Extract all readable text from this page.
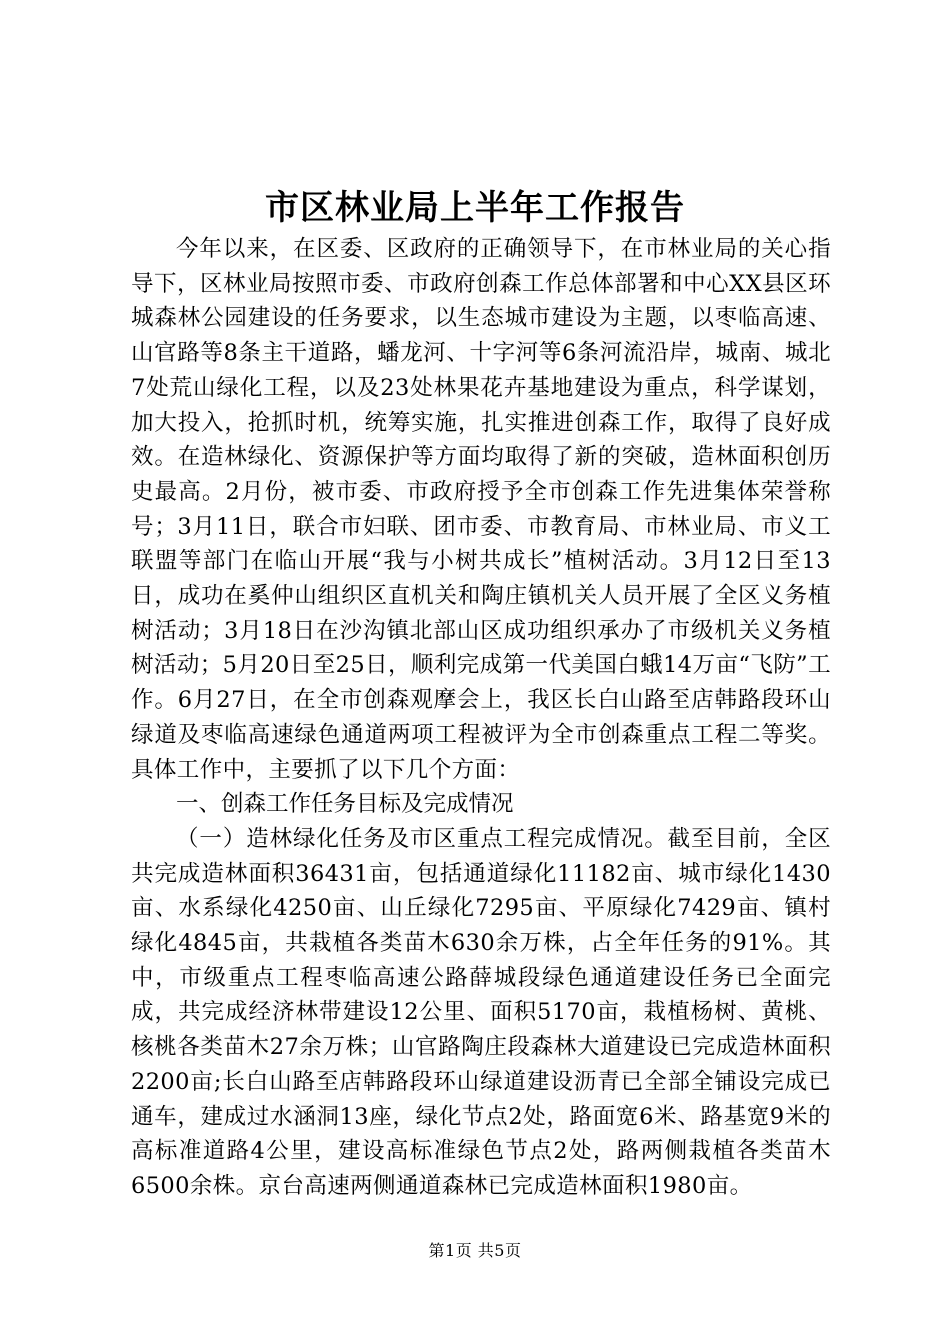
市区林业局上半年工作报告

今年以来，在区委、区政府的正确领导下，在市林业局的关心指导下，区林业局按照市委、市政府创森工作总体部署和中心XX县区环城森林公园建设的任务要求，以生态城市建设为主题，以枣临高速、山官路等8条主干道路，蟠龙河、十字河等6条河流沿岸，城南、城北7处荒山绿化工程，以及23处林果花卉基地建设为重点，科学谋划，加大投入，抢抓时机，统筹实施，扎实推进创森工作，取得了良好成效。在造林绿化、资源保护等方面均取得了新的突破，造林面积创历史最高。2月份，被市委、市政府授予全市创森工作先进集体荣誉称号；3月11日，联合市妇联、团市委、市教育局、市林业局、市义工联盟等部门在临山开展“我与小树共成长”植树活动。3月12日至13日，成功在奚仲山组织区直机关和陶庄镇机关人员开展了全区义务植树活动；3月18日在沙沟镇北部山区成功组织承办了市级机关义务植树活动；5月20日至25日，顺利完成第一代美国白蛾14万亩“飞防”工作。6月27日，在全市创森观摩会上，我区长白山路至店韩路段环山绿道及枣临高速绿色通道两项工程被评为全市创森重点工程二等奖。具体工作中，主要抓了以下几个方面：

一、创森工作任务目标及完成情况

（一）造林绿化任务及市区重点工程完成情况。截至目前，全区共完成造林面积36431亩，包括通道绿化11182亩、城市绿化1430亩、水系绿化4250亩、山丘绿化7295亩、平原绿化7429亩、镇村绿化4845亩，共栽植各类苗木630余万株，占全年任务的91%。其中，市级重点工程枣临高速公路薛城段绿色通道建设任务已全面完成，共完成经济林带建设12公里、面积5170亩，栽植杨树、黄桃、核桃各类苗木27余万株；山官路陶庄段森林大道建设已完成造林面积2200亩;长白山路至店韩路段环山绿道建设沥青已全部全铺设完成已通车，建成过水涵洞13座，绿化节点2处，路面宽6米、路基宽9米的高标准道路4公里，建设高标准绿色节点2处，路两侧栽植各类苗木6500余株。京台高速两侧通道森林已完成造林面积1980亩。

第1页 共5页
